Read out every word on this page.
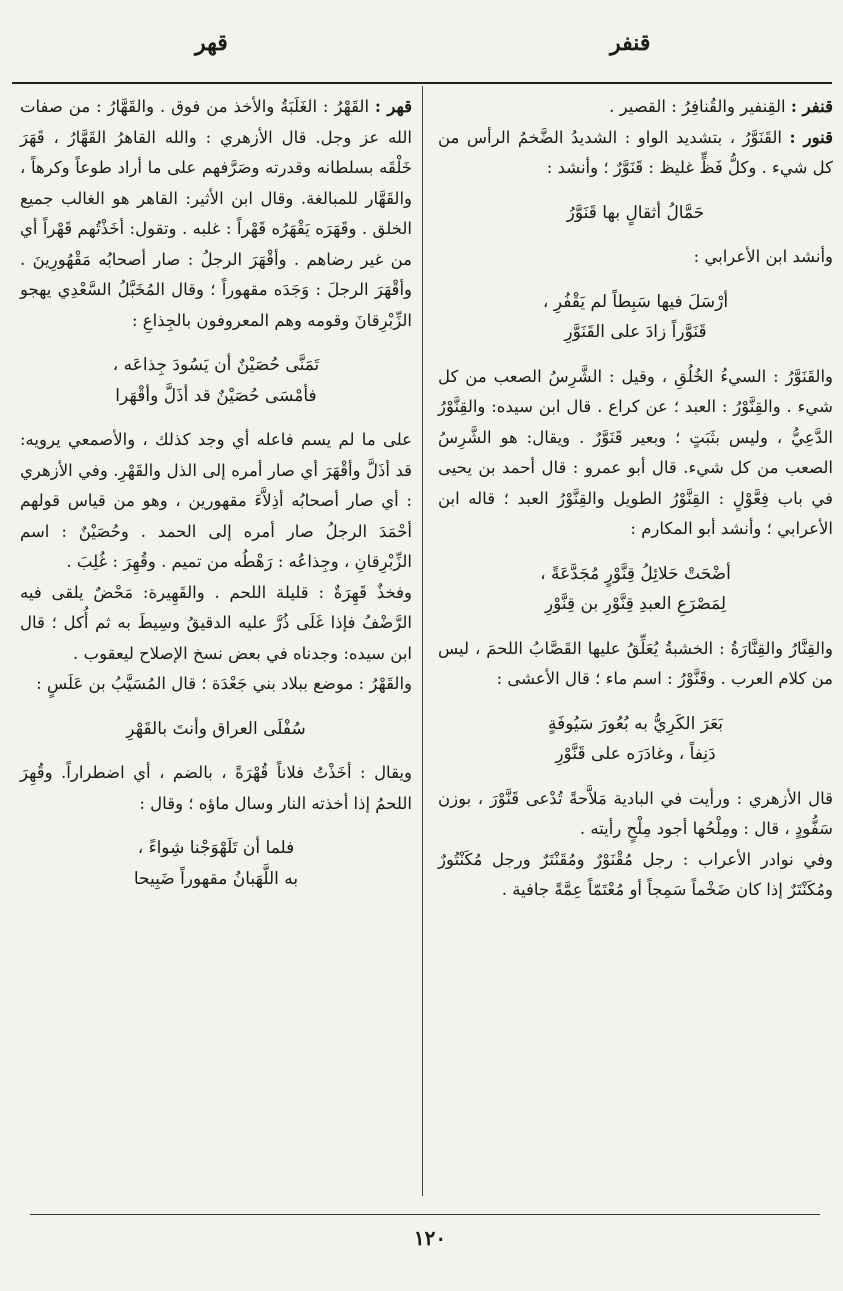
قنفر
قهر

قنفر : القِنفير والقُنافِرُ : القصير .

قنور : القَنَوَّرُ ، بتشديد الواو : الشديدُ الضَّخمُ الرأس من كل شيء . وكلُّ فَظٍّ غليظ : قَنَوَّرٌ ؛ وأنشد :

حَمَّالُ أثقالٍ بها قَنَوَّرُ

وأنشد ابن الأعرابي :

أرْسَلَ فيها سَبِطاً لم يَقْفُرِ ،
قَنَوَّراً زادَ على القَنَوَّرِ

والقَنَوَّرُ : السيءُ الخُلُقِ ، وقيل : الشَّرِسُ الصعب من كل شيء . والقِنَّوْرُ : العبد ؛ عن كراع . قال ابن سيده: والقِنَّوْرُ الدَّعِيُّ ، وليس بثَبَتٍ ؛ وبعير قَنَوَّرٌ . ويقال: هو الشَّرِسُ الصعب من كل شيء. قال أبو عمرو : قال أحمد بن يحيى في باب فِعَّوْلٍ : القِنَّوْرُ الطويل والقِنَّوْرُ العبد ؛ قاله ابن الأعرابي ؛ وأنشد أبو المكارم :

أضْحَتْ حَلائِلُ قِنَّوْرٍ مُجَدَّعَةً ،
لِمَصْرَعِ العبدِ قِنَّوْرِ بن قِنَّوْرِ

والقِنَّارُ والقِنَّارَةُ : الخشبةُ يُعَلِّقُ عليها القَصَّابُ اللحمَ ، ليس من كلام العرب . وقَنَّوْرُ : اسم ماء ؛ قال الأعشى :

بَعَرَ الكَرِيُّ به بُعُورَ سَيُوفَةٍ
دَنِفاً ، وغادَرَه على قَنَّوْرِ

قال الأزهري : ورأيت في البادية مَلاَّحةً تُدْعى قَنَّوْرَ ، بوزن سَفُّودٍ ، قال : ومِلْحُها أجود مِلْحٍ رأيته .

وفي نوادر الأعراب : رجل مُقْنَوْرٌ ومُقَنْتَرٌ ورجل مُكَنْتُورٌ ومُكَنْتَرٌ إذا كان ضَخْماً سَمِجاً أو مُعْتَمّاً عِمَّةً جافية .

قهر : القَهْرُ : الغَلَبَةُ والأخذ من فوق . والقَهَّارُ : من صفات الله عز وجل. قال الأزهري : والله القاهرُ القَهَّارُ ، قَهَرَ خَلْقَه بسلطانه وقدرته وصَرَّفهم على ما أراد طوعاً وكرهاً ، والقَهَّار للمبالغة. وقال ابن الأثير: القاهر هو الغالب جميع الخلق . وقَهَرَه يَقْهَرُه قَهْراً : غلبه . وتقول: أخَذْتُهم قَهْراً أي من غير رضاهم . وأقْهَرَ الرجلُ : صار أصحابُه مَقْهُورِينَ . وأقْهَرَ الرجلَ : وَجَدَه مقهوراً ؛ وقال المُخَبَّلُ السَّعْدِي يهجو الزِّبْرِقانَ وقومه وهم المعروفون بالجِذاعِ :

تَمَنَّى حُصَيْنٌ أن يَسُودَ جِذاعَه ،
فأمْسَى حُصَيْنٌ قد أذَلَّ وأقْهَرا

على ما لم يسم فاعله أي وجد كذلك ، والأصمعي يرويه: قد أذَلَّ وأقْهَرَ أي صار أمره إلى الذل والقَهْرِ. وفي الأزهري : أي صار أصحابُه أذِلاَّءَ مقهورين ، وهو من قياس قولهم أحْمَدَ الرجلُ صار أمره إلى الحمد . وحُصَيْنٌ : اسم الزِّبْرِقانِ ، وجِذاعُه : رَهْطُه من تميم . وقُهِرَ : غُلِبَ .

وفخذٌ قَهِرَةٌ : قليلة اللحم . والقَهِيرة: مَحْضٌ يلقى فيه الرَّضْفُ فإذا غَلَى ذُرَّ عليه الدقيقُ وسِيطَ به ثم أُكل ؛ قال ابن سيده: وجدناه في بعض نسخ الإصلاح ليعقوب .

والقَهْرُ : موضع ببلاد بني جَعْدَة ؛ قال المُسَيَّبُ بن عَلَسٍ :

سُفْلَى العراق وأنتَ بالقَهْرِ

ويقال : أخَذْتُ فلاناً قُهْرَةً ، بالضم ، أي اضطراراً. وقُهِرَ اللحمُ إذا أخذته النار وسال ماؤه ؛ وقال :

فلما أن تَلَهْوَجْنا شِواءً ،
به اللَّهَبانُ مقهوراً ضَبِيحا
١٢٠
